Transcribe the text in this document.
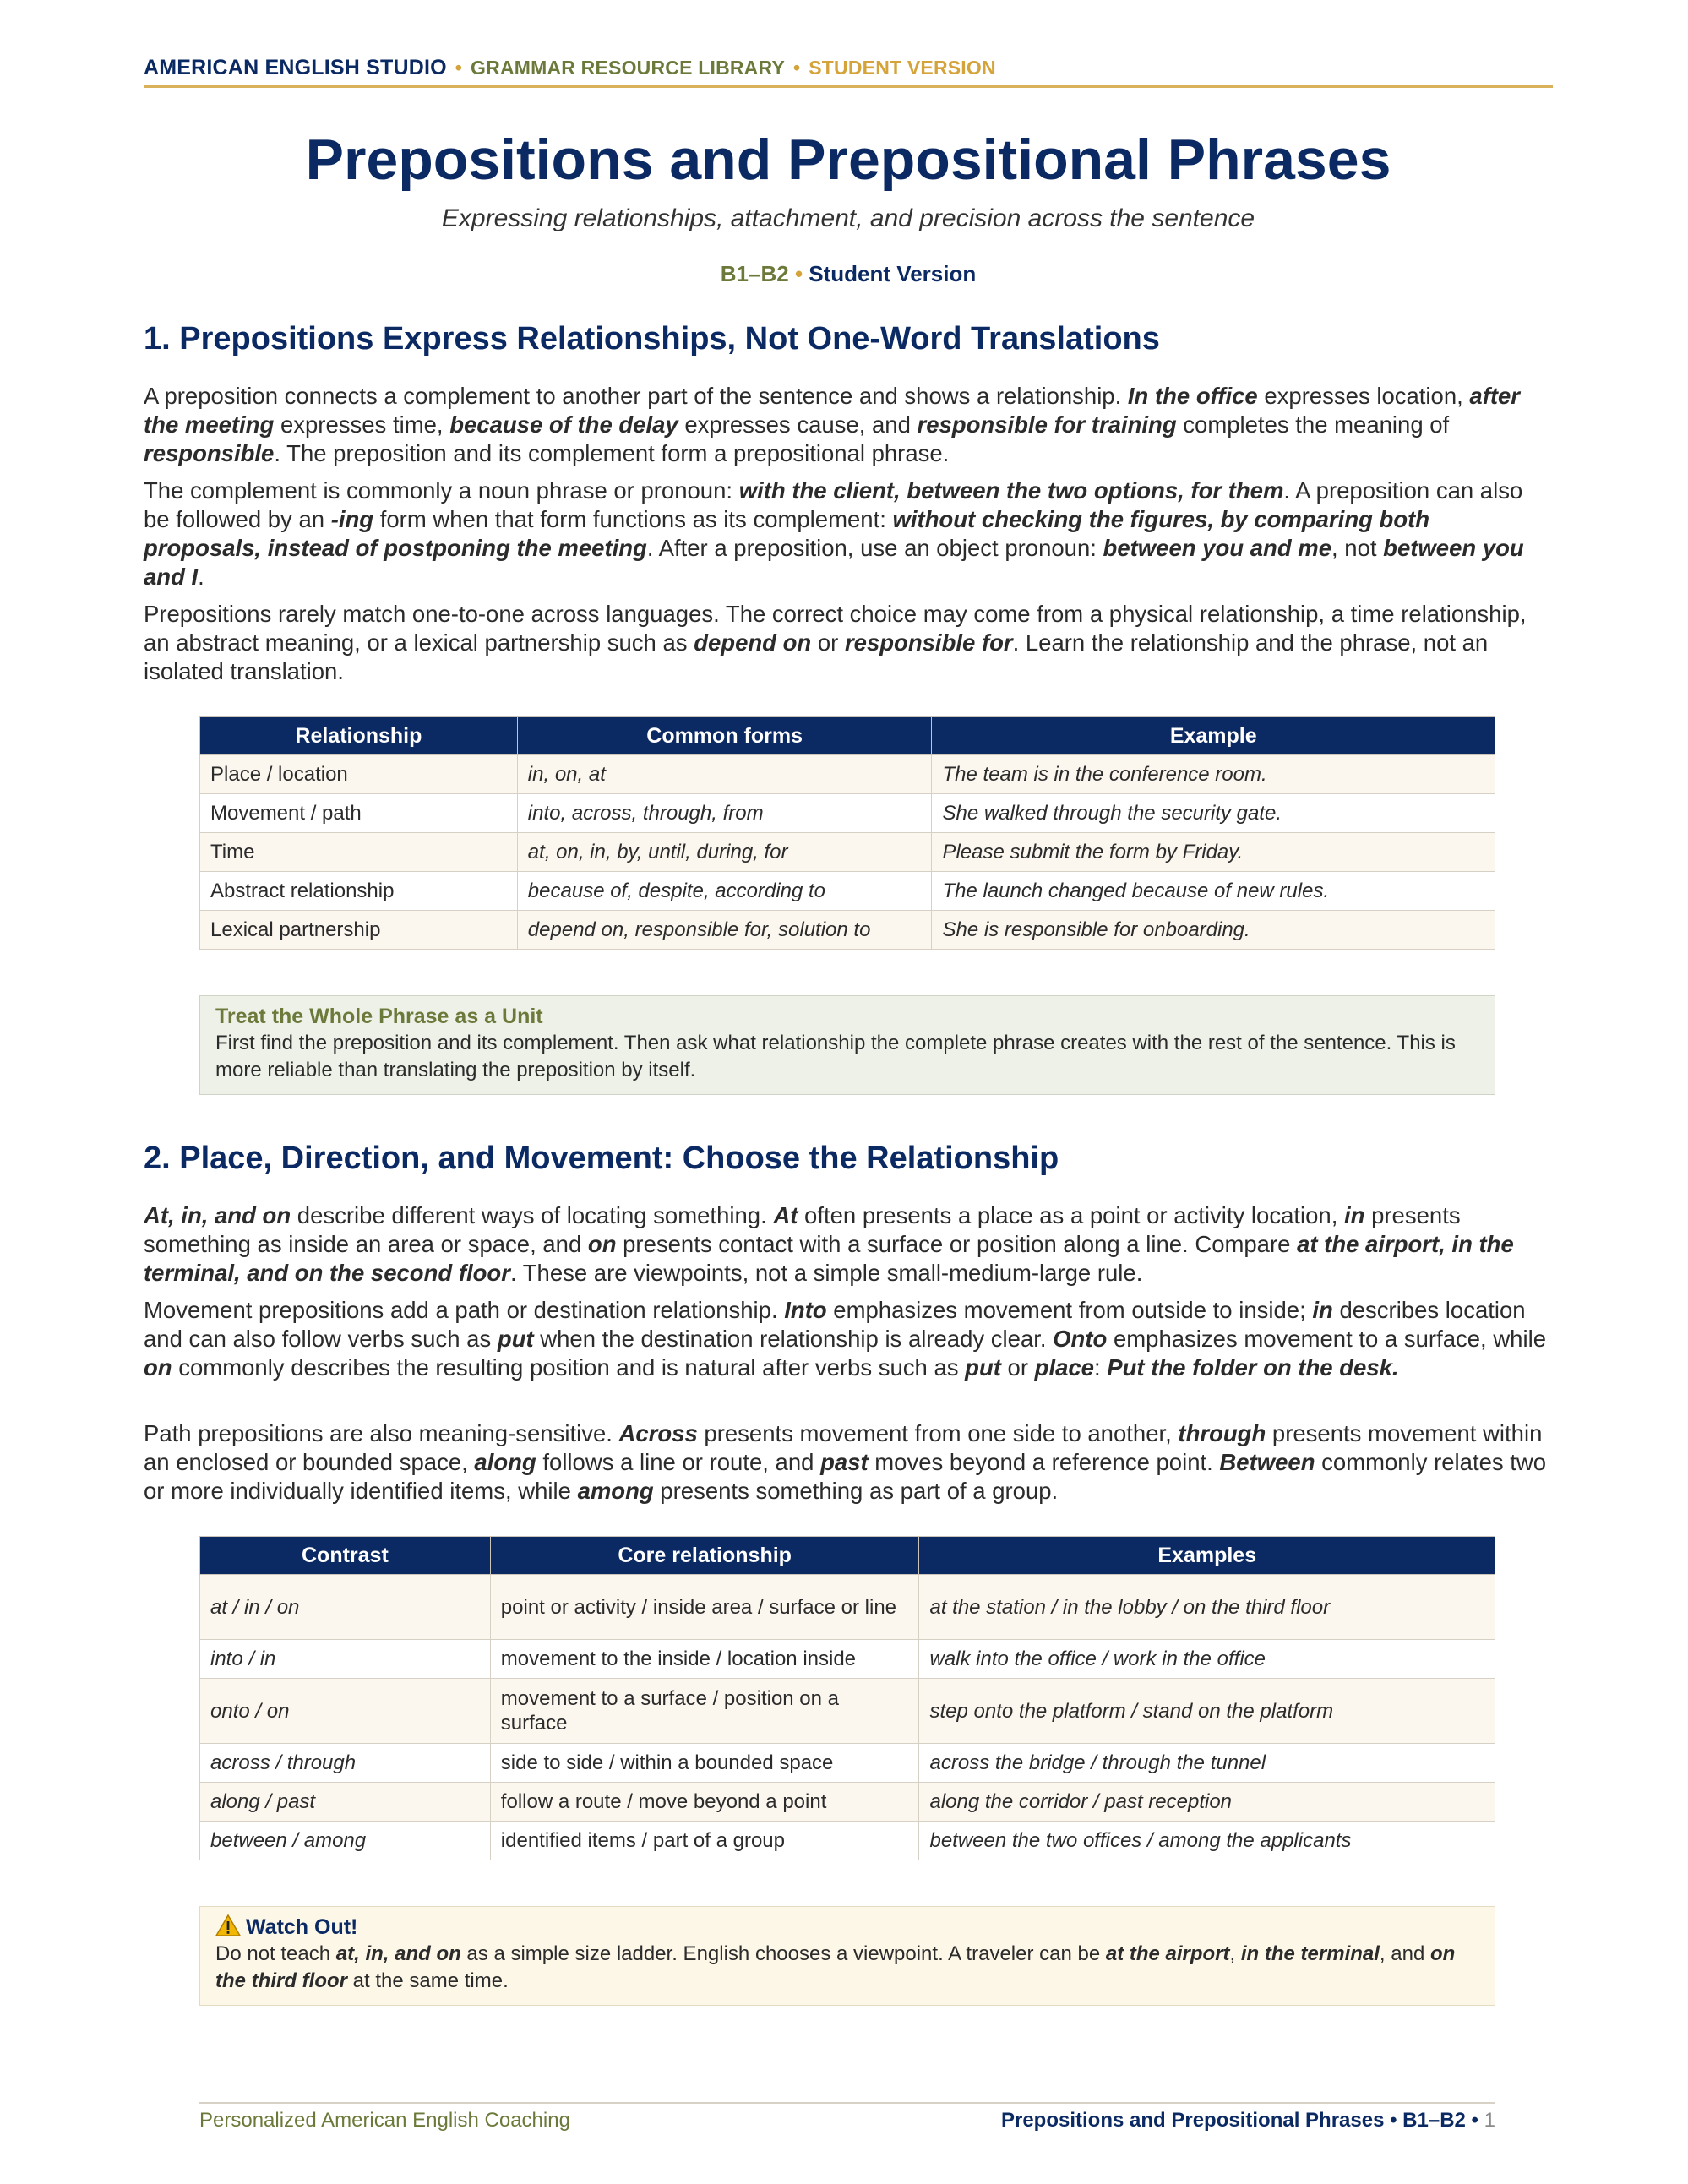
AMERICAN ENGLISH STUDIO • GRAMMAR RESOURCE LIBRARY • STUDENT VERSION
Prepositions and Prepositional Phrases
Expressing relationships, attachment, and precision across the sentence
B1–B2 • Student Version
1. Prepositions Express Relationships, Not One-Word Translations

A preposition connects a complement to another part of the sentence and shows a relationship. In the office expresses location, after the meeting expresses time, because of the delay expresses cause, and responsible for training completes the meaning of responsible. The preposition and its complement form a prepositional phrase.

The complement is commonly a noun phrase or pronoun: with the client, between the two options, for them. A preposition can also be followed by an -ing form when that form functions as its complement: without checking the figures, by comparing both proposals, instead of postponing the meeting. After a preposition, use an object pronoun: between you and me, not between you and I.

Prepositions rarely match one-to-one across languages. The correct choice may come from a physical relationship, a time relationship, an abstract meaning, or a lexical partnership such as depend on or responsible for. Learn the relationship and the phrase, not an isolated translation.

Relationship	Common forms	Example
Place / location	in, on, at	The team is in the conference room.
Movement / path	into, across, through, from	She walked through the security gate.
Time	at, on, in, by, until, during, for	Please submit the form by Friday.
Abstract relationship	because of, despite, according to	The launch changed because of new rules.
Lexical partnership	depend on, responsible for, solution to	She is responsible for onboarding.
Treat the Whole Phrase as a Unit
First find the preposition and its complement. Then ask what relationship the complete phrase creates with the rest of the sentence. This is more reliable than translating the preposition by itself.
2. Place, Direction, and Movement: Choose the Relationship

At, in, and on describe different ways of locating something. At often presents a place as a point or activity location, in presents something as inside an area or space, and on presents contact with a surface or position along a line. Compare at the airport, in the terminal, and on the second floor. These are viewpoints, not a simple small-medium-large rule.

Movement prepositions add a path or destination relationship. Into emphasizes movement from outside to inside; in describes location and can also follow verbs such as put when the destination relationship is already clear. Onto emphasizes movement to a surface, while on commonly describes the resulting position and is natural after verbs such as put or place: Put the folder on the desk.

Path prepositions are also meaning-sensitive. Across presents movement from one side to another, through presents movement within an enclosed or bounded space, along follows a line or route, and past moves beyond a reference point. Between commonly relates two or more individually identified items, while among presents something as part of a group.

Contrast	Core relationship	Examples
at / in / on	point or activity / inside area / surface or line	at the station / in the lobby / on the third floor
into / in	movement to the inside / location inside	walk into the office / work in the office
onto / on	movement to a surface / position on a surface	step onto the platform / stand on the platform
across / through	side to side / within a bounded space	across the bridge / through the tunnel
along / past	follow a route / move beyond a point	along the corridor / past reception
between / among	identified items / part of a group	between the two offices / among the applicants
Watch Out!
Do not teach at, in, and on as a simple size ladder. English chooses a viewpoint. A traveler can be at the airport, in the terminal, and on the third floor at the same time.
Personalized American English Coaching	Prepositions and Prepositional Phrases • B1–B2 • 1
